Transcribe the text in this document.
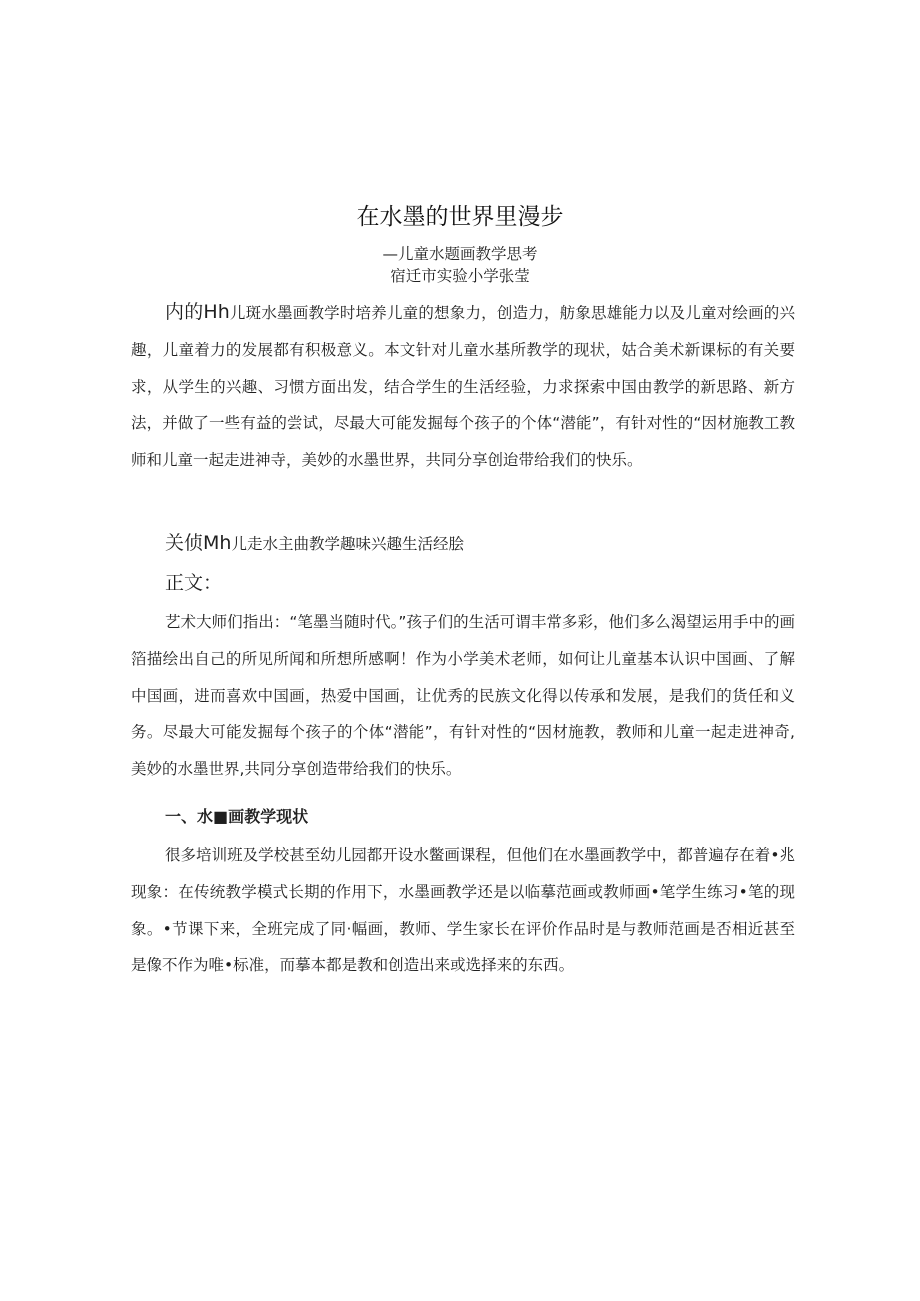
在水墨的世界里漫步
—儿童水题画教学思考
宿迁市实验小学张莹

内的Hh儿斑水墨画教学时培养儿童的想象力，创造力，舫象思雄能力以及儿童对绘画的兴趣，儿童着力的发展都有积极意义。本文针对儿童水基所教学的现状，姑合美术新课标的有关要求，从学生的兴趣、习惯方面出发，结合学生的生活经验，力求探索中国由教学的新思路、新方法，并做了一些有益的尝试，尽最大可能发掘每个孩子的个体“潜能”，有针对性的“因材施教工教师和儿童一起走进神寺，美妙的水墨世界，共同分享创迨带给我们的快乐。

关侦Mh儿走水主曲教学趣味兴趣生活经脍

正文：

艺术大师们指出：“笔墨当随时代。”孩子们的生活可谓丰常多彩，他们多么渴望运用手中的画箔描绘出自己的所见所闻和所想所感啊！作为小学美术老师，如何让儿童基本认识中国画、了解中国画，进而喜欢中国画，热爱中国画，让优秀的民族文化得以传承和发展，是我们的货任和义务。尽最大可能发掘每个孩子的个体“潜能”，有针对性的“因材施教，教师和儿童一起走进神奇,美妙的水墨世界,共同分享创造带给我们的快乐。

一、水■画教学现状

很多培训班及学校甚至幼儿园都开设水鳖画课程，但他们在水墨画教学中，都普遍存在着•兆现象：在传统教学模式长期的作用下，水墨画教学还是以临摹范画或教师画•笔学生练习•笔的现象。•节课下来，全班完成了同·幅画，教师、学生家长在评价作品时是与教师范画是否相近甚至是像不作为唯•标准，而摹本都是教和创造出来或选择来的东西。
